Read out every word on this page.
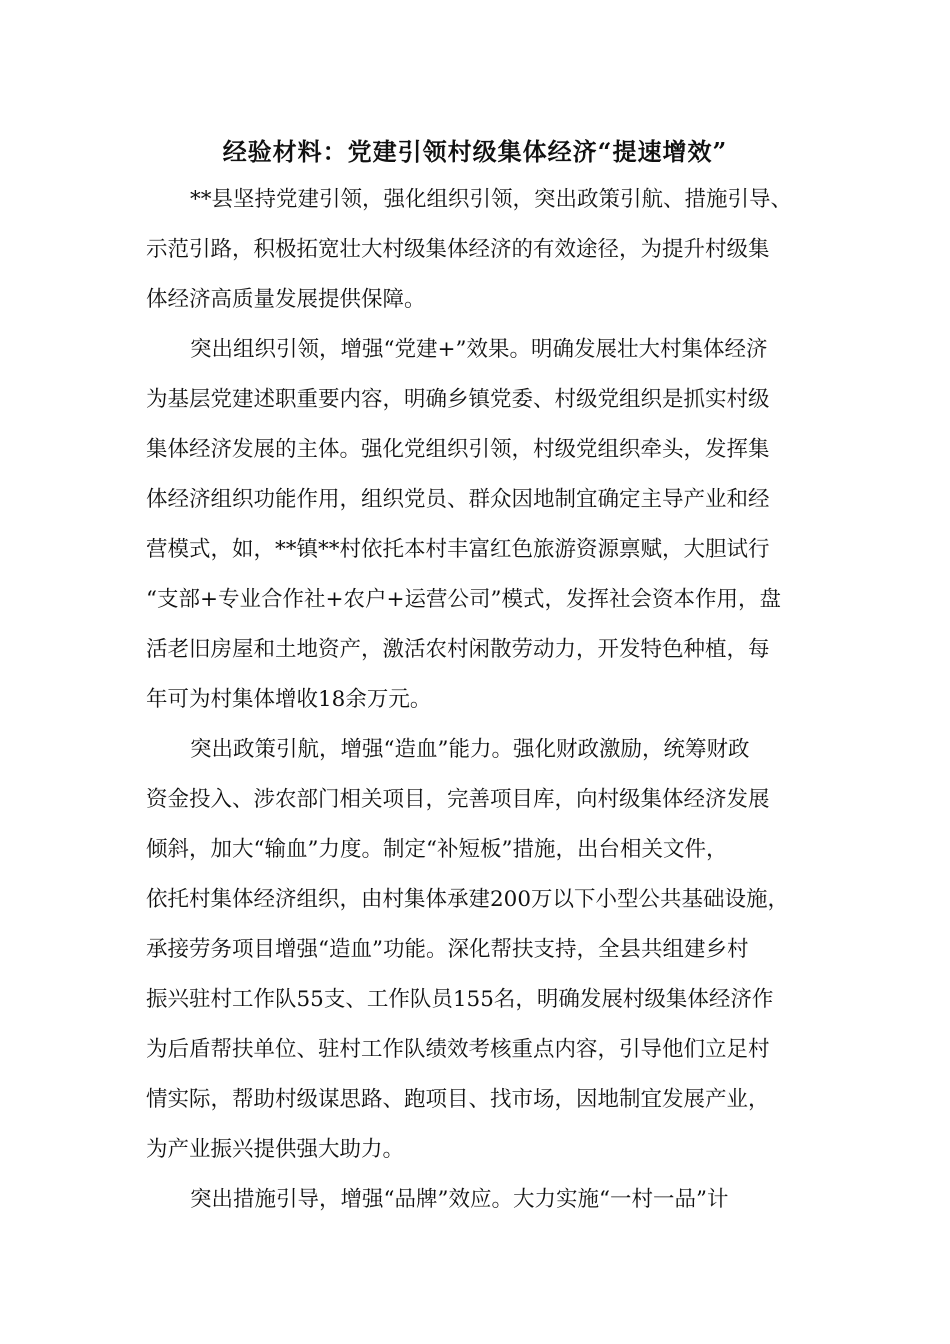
经验材料：党建引领村级集体经济“提速增效”
**县坚持党建引领，强化组织引领，突出政策引航、措施引导、
示范引路，积极拓宽壮大村级集体经济的有效途径，为提升村级集
体经济高质量发展提供保障。
突出组织引领，增强“党建+”效果。明确发展壮大村集体经济
为基层党建述职重要内容，明确乡镇党委、村级党组织是抓实村级
集体经济发展的主体。强化党组织引领，村级党组织牵头，发挥集
体经济组织功能作用，组织党员、群众因地制宜确定主导产业和经
营模式，如，**镇**村依托本村丰富红色旅游资源禀赋，大胆试行
“支部+专业合作社+农户+运营公司”模式，发挥社会资本作用，盘
活老旧房屋和土地资产，激活农村闲散劳动力，开发特色种植，每
年可为村集体增收18余万元。
突出政策引航，增强“造血”能力。强化财政激励，统筹财政
资金投入、涉农部门相关项目，完善项目库，向村级集体经济发展
倾斜，加大“输血”力度。制定“补短板”措施，出台相关文件，
依托村集体经济组织，由村集体承建200万以下小型公共基础设施，
承接劳务项目增强“造血”功能。深化帮扶支持，全县共组建乡村
振兴驻村工作队55支、工作队员155名，明确发展村级集体经济作
为后盾帮扶单位、驻村工作队绩效考核重点内容，引导他们立足村
情实际，帮助村级谋思路、跑项目、找市场，因地制宜发展产业，
为产业振兴提供强大助力。
突出措施引导，增强“品牌”效应。大力实施“一村一品”计
